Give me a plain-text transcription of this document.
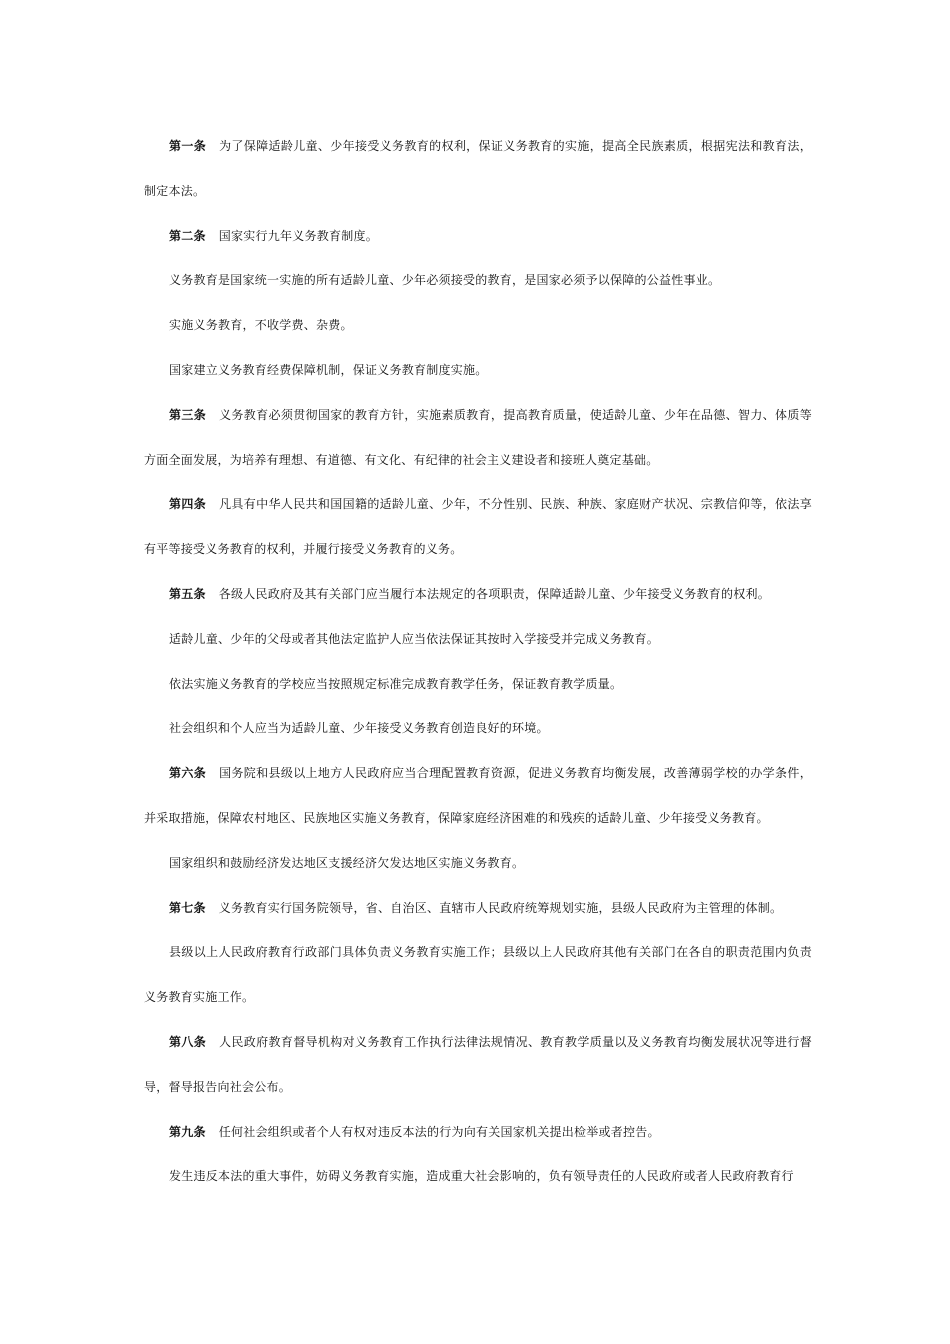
第一条 为了保障适龄儿童、少年接受义务教育的权利，保证义务教育的实施，提高全民族素质，根据宪法和教育法，制定本法。

第二条 国家实行九年义务教育制度。

义务教育是国家统一实施的所有适龄儿童、少年必须接受的教育，是国家必须予以保障的公益性事业。

实施义务教育，不收学费、杂费。

国家建立义务教育经费保障机制，保证义务教育制度实施。

第三条 义务教育必须贯彻国家的教育方针，实施素质教育，提高教育质量，使适龄儿童、少年在品德、智力、体质等方面全面发展，为培养有理想、有道德、有文化、有纪律的社会主义建设者和接班人奠定基础。

第四条 凡具有中华人民共和国国籍的适龄儿童、少年，不分性别、民族、种族、家庭财产状况、宗教信仰等，依法享有平等接受义务教育的权利，并履行接受义务教育的义务。

第五条 各级人民政府及其有关部门应当履行本法规定的各项职责，保障适龄儿童、少年接受义务教育的权利。

适龄儿童、少年的父母或者其他法定监护人应当依法保证其按时入学接受并完成义务教育。

依法实施义务教育的学校应当按照规定标准完成教育教学任务，保证教育教学质量。

社会组织和个人应当为适龄儿童、少年接受义务教育创造良好的环境。

第六条 国务院和县级以上地方人民政府应当合理配置教育资源，促进义务教育均衡发展，改善薄弱学校的办学条件，并采取措施，保障农村地区、民族地区实施义务教育，保障家庭经济困难的和残疾的适龄儿童、少年接受义务教育。

国家组织和鼓励经济发达地区支援经济欠发达地区实施义务教育。

第七条 义务教育实行国务院领导，省、自治区、直辖市人民政府统筹规划实施，县级人民政府为主管理的体制。

县级以上人民政府教育行政部门具体负责义务教育实施工作；县级以上人民政府其他有关部门在各自的职责范围内负责义务教育实施工作。

第八条 人民政府教育督导机构对义务教育工作执行法律法规情况、教育教学质量以及义务教育均衡发展状况等进行督导，督导报告向社会公布。

第九条 任何社会组织或者个人有权对违反本法的行为向有关国家机关提出检举或者控告。

发生违反本法的重大事件，妨碍义务教育实施，造成重大社会影响的，负有领导责任的人民政府或者人民政府教育行
